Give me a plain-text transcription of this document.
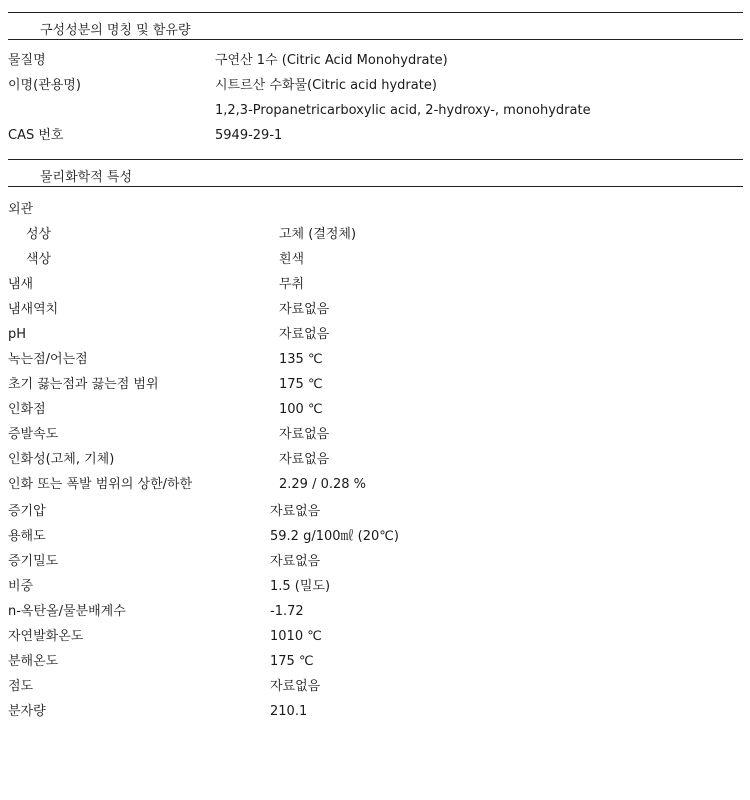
구성성분의 명칭 및 함유량
물질명	구연산 1수 (Citric Acid Monohydrate)
이명(관용명)	시트르산 수화물(Citric acid hydrate)
1,2,3-Propanetricarboxylic acid, 2-hydroxy-, monohydrate
CAS 번호	5949-29-1
물리화학적 특성
외관
성상	고체 (결정체)
색상	흰색
냄새	무취
냄새역치	자료없음
pH	자료없음
녹는점/어는점	135 ℃
초기 끓는점과 끓는점 범위	175 ℃
인화점	100 ℃
증발속도	자료없음
인화성(고체, 기체)	자료없음
인화 또는 폭발 범위의 상한/하한	2.29 / 0.28 %
증기압	자료없음
용해도	59.2 g/100㎖ (20℃)
증기밀도	자료없음
비중	1.5 (밀도)
n-옥탄올/물분배계수	-1.72
자연발화온도	1010 ℃
분해온도	175 ℃
점도	자료없음
분자량	210.1
